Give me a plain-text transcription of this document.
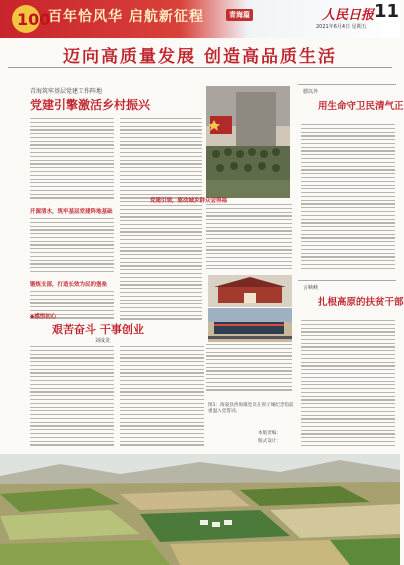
100
百年恰风华 启航新征程	青海篇	人民日报 11
2021年6月4日 星期五
迈向高质量发展 创造高品质生活
青海筑牢基层党建工作阵地
党建引擎激活乡村振兴
开源清水，筑牢基层党建阵地基础
锻炼支部，打造长效为民的堡垒
党建引领，驱动城乡群众会得福
◆感悟初心
艰苦奋斗 干事创业
刘成龙
图1：海晏县西海镇党员在原子城纪念馆前重温入党誓词。
本版责编：
版式设计：
德以外
用生命守卫民清气正
言峡峡
扎根高原的扶贫干部
